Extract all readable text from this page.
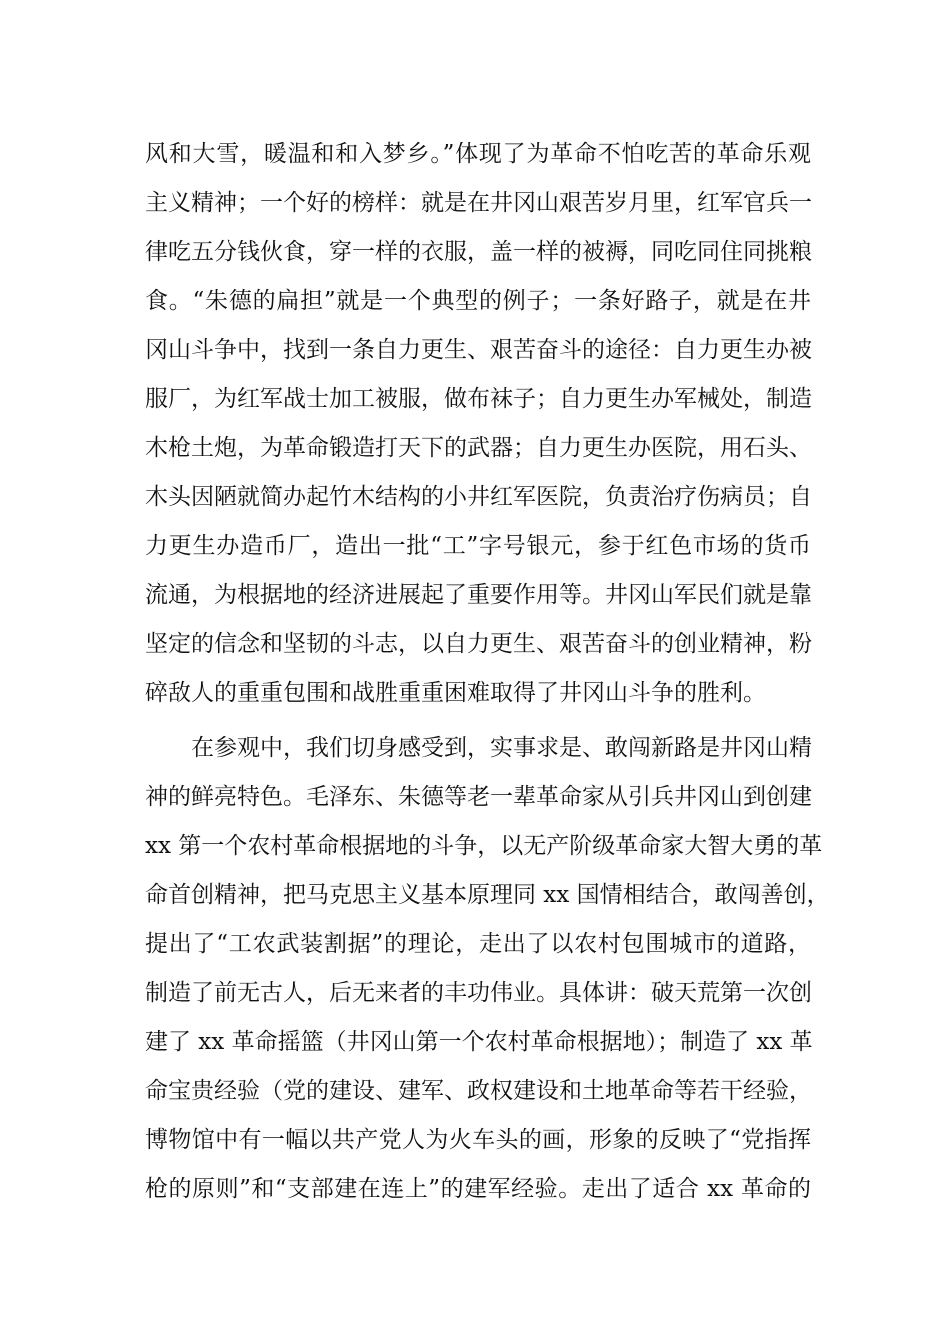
风和大雪，暖温和和入梦乡。”体现了为革命不怕吃苦的革命乐观
主义精神；一个好的榜样：就是在井冈山艰苦岁月里，红军官兵一
律吃五分钱伙食，穿一样的衣服，盖一样的被褥，同吃同住同挑粮
食。“朱德的扁担”就是一个典型的例子；一条好路子，就是在井
冈山斗争中，找到一条自力更生、艰苦奋斗的途径：自力更生办被
服厂，为红军战士加工被服，做布袜子；自力更生办军械处，制造
木枪土炮，为革命锻造打天下的武器；自力更生办医院，用石头、
木头因陋就简办起竹木结构的小井红军医院，负责治疗伤病员；自
力更生办造币厂，造出一批“工”字号银元，参于红色市场的货币
流通，为根据地的经济进展起了重要作用等。井冈山军民们就是靠
坚定的信念和坚韧的斗志，以自力更生、艰苦奋斗的创业精神，粉
碎敌人的重重包围和战胜重重困难取得了井冈山斗争的胜利。
在参观中，我们切身感受到，实事求是、敢闯新路是井冈山精
神的鲜亮特色。毛泽东、朱德等老一辈革命家从引兵井冈山到创建
xx 第一个农村革命根据地的斗争，以无产阶级革命家大智大勇的革
命首创精神，把马克思主义基本原理同 xx 国情相结合，敢闯善创，
提出了“工农武装割据”的理论，走出了以农村包围城市的道路，
制造了前无古人，后无来者的丰功伟业。具体讲：破天荒第一次创
建了 xx 革命摇篮（井冈山第一个农村革命根据地）；制造了 xx 革
命宝贵经验（党的建设、建军、政权建设和土地革命等若干经验，
博物馆中有一幅以共产党人为火车头的画，形象的反映了“党指挥
枪的原则”和“支部建在连上”的建军经验。走出了适合 xx 革命的
